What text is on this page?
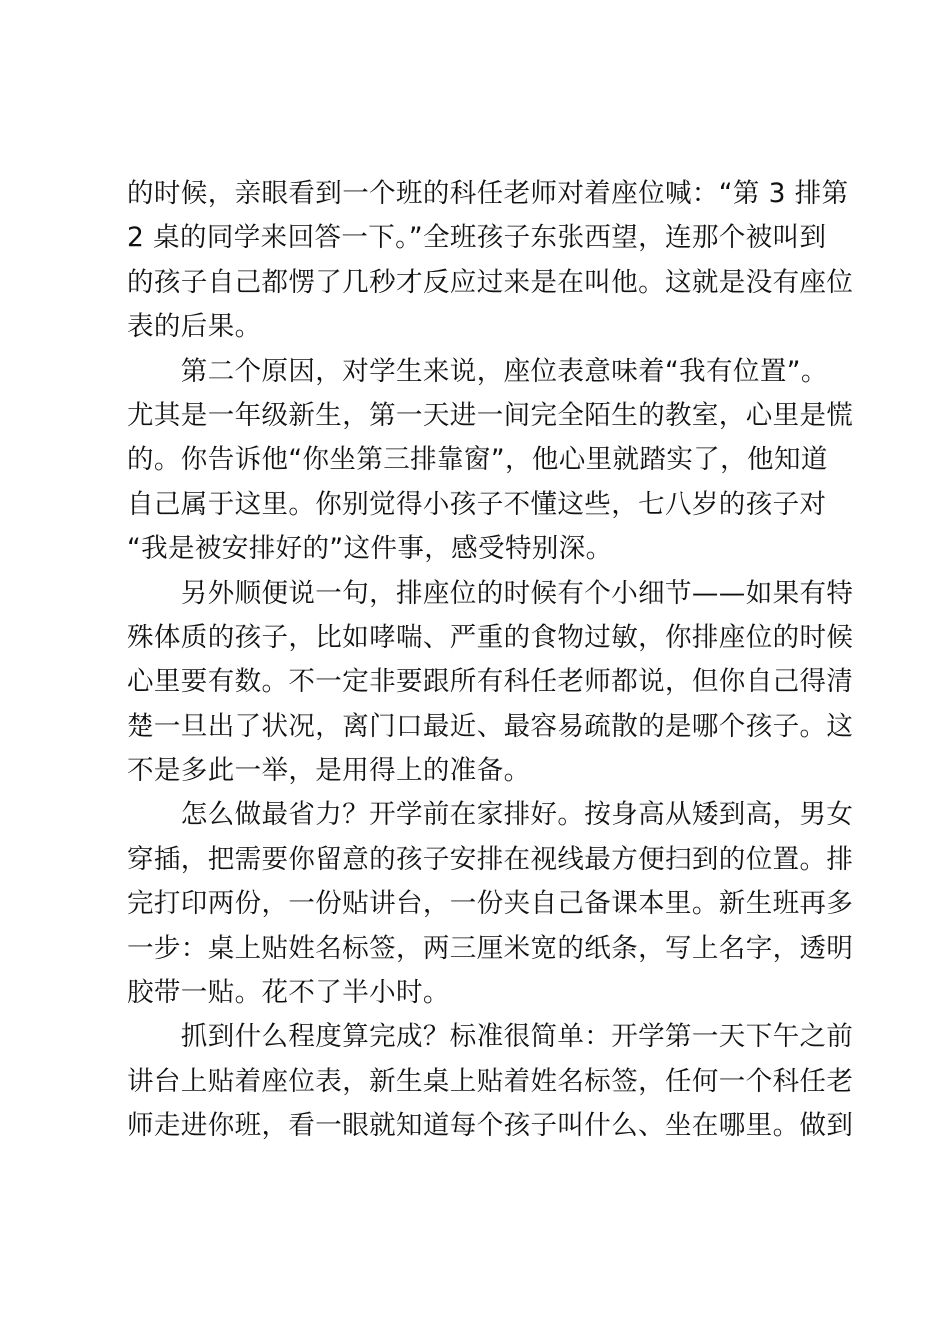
的时候，亲眼看到一个班的科任老师对着座位喊：“第 3 排第
2 桌的同学来回答一下。”全班孩子东张西望，连那个被叫到
的孩子自己都愣了几秒才反应过来是在叫他。这就是没有座位
表的后果。
　　第二个原因，对学生来说，座位表意味着“我有位置”。
尤其是一年级新生，第一天进一间完全陌生的教室，心里是慌
的。你告诉他“你坐第三排靠窗”，他心里就踏实了，他知道
自己属于这里。你别觉得小孩子不懂这些，七八岁的孩子对
“我是被安排好的”这件事，感受特别深。
　　另外顺便说一句，排座位的时候有个小细节——如果有特
殊体质的孩子，比如哮喘、严重的食物过敏，你排座位的时候
心里要有数。不一定非要跟所有科任老师都说，但你自己得清
楚一旦出了状况，离门口最近、最容易疏散的是哪个孩子。这
不是多此一举，是用得上的准备。
　　怎么做最省力？开学前在家排好。按身高从矮到高，男女
穿插，把需要你留意的孩子安排在视线最方便扫到的位置。排
完打印两份，一份贴讲台，一份夹自己备课本里。新生班再多
一步：桌上贴姓名标签，两三厘米宽的纸条，写上名字，透明
胶带一贴。花不了半小时。
　　抓到什么程度算完成？标准很简单：开学第一天下午之前
讲台上贴着座位表，新生桌上贴着姓名标签，任何一个科任老
师走进你班，看一眼就知道每个孩子叫什么、坐在哪里。做到
